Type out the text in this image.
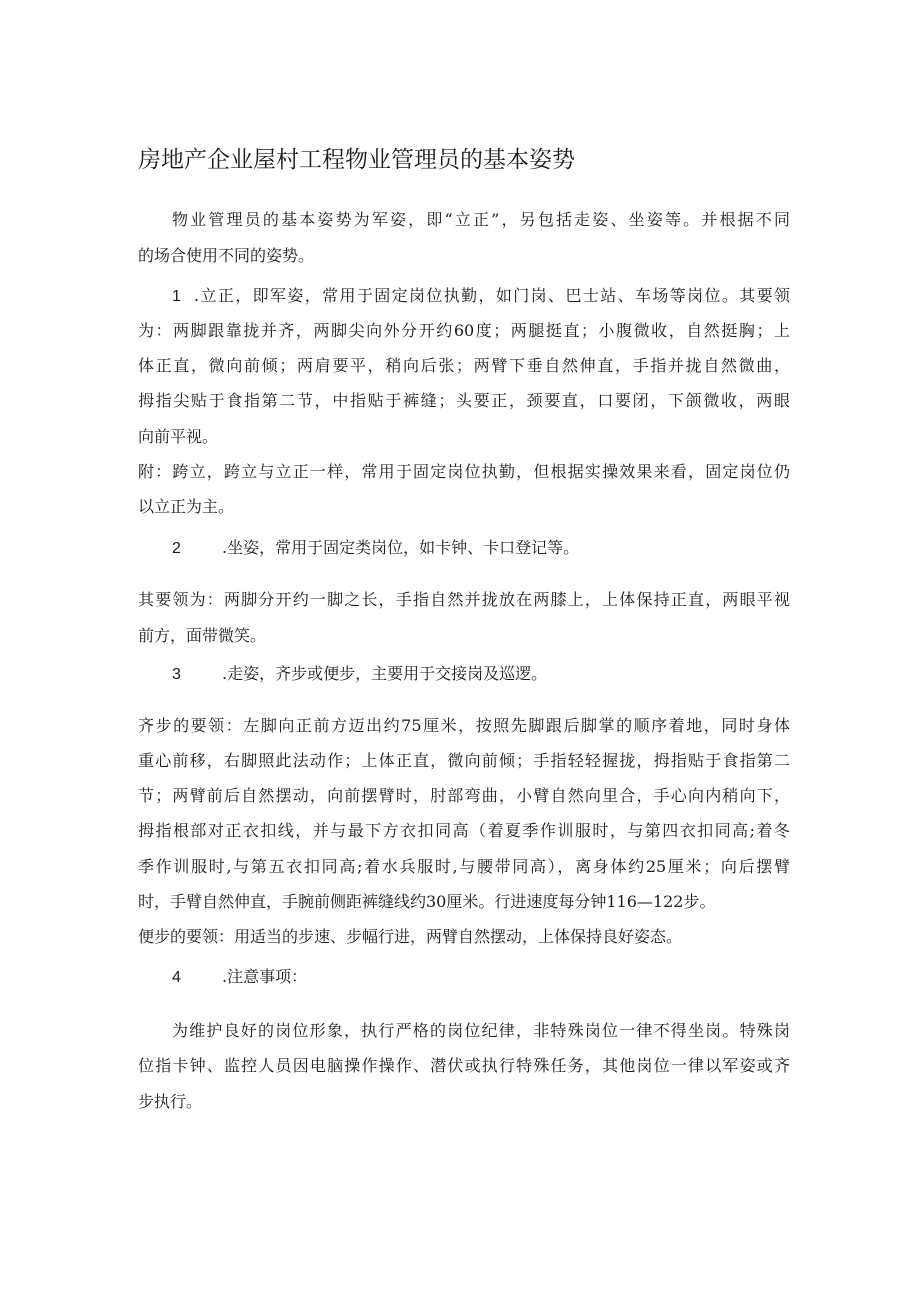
房地产企业屋村工程物业管理员的基本姿势

物业管理员的基本姿势为军姿，即“立正”，另包括走姿、坐姿等。并根据不同

的场合使用不同的姿势。

1 .立正，即军姿，常用于固定岗位执勤，如门岗、巴士站、车场等岗位。其要领

为：两脚跟靠拢并齐，两脚尖向外分开约60度；两腿挺直；小腹微收，自然挺胸；上

体正直，微向前倾；两肩要平，稍向后张；两臂下垂自然伸直，手指并拢自然微曲，

拇指尖贴于食指第二节，中指贴于裤缝；头要正，颈要直，口要闭，下颌微收，两眼

向前平视。

附：跨立，跨立与立正一样，常用于固定岗位执勤，但根据实操效果来看，固定岗位仍

以立正为主。

2	.坐姿，常用于固定类岗位，如卡钟、卡口登记等。

其要领为：两脚分开约一脚之长，手指自然并拢放在两膝上，上体保持正直，两眼平视

前方，面带微笑。

3	.走姿，齐步或便步，主要用于交接岗及巡逻。

齐步的要领：左脚向正前方迈出约75厘米，按照先脚跟后脚掌的顺序着地，同时身体

重心前移，右脚照此法动作；上体正直，微向前倾；手指轻轻握拢，拇指贴于食指第二

节；两臂前后自然摆动，向前摆臂时，肘部弯曲，小臂自然向里合，手心向内稍向下，

拇指根部对正衣扣线，并与最下方衣扣同高（着夏季作训服时，与第四衣扣同高;着冬

季作训服时,与第五衣扣同高;着水兵服时,与腰带同高），离身体约25厘米；向后摆臂

时，手臂自然伸直，手腕前侧距裤缝线约30厘米。行进速度每分钟116—122步。

便步的要领：用适当的步速、步幅行进，两臂自然摆动，上体保持良好姿态。

4	.注意事项：

为维护良好的岗位形象，执行严格的岗位纪律，非特殊岗位一律不得坐岗。特殊岗

位指卡钟、监控人员因电脑操作操作、潜伏或执行特殊任务，其他岗位一律以军姿或齐

步执行。
